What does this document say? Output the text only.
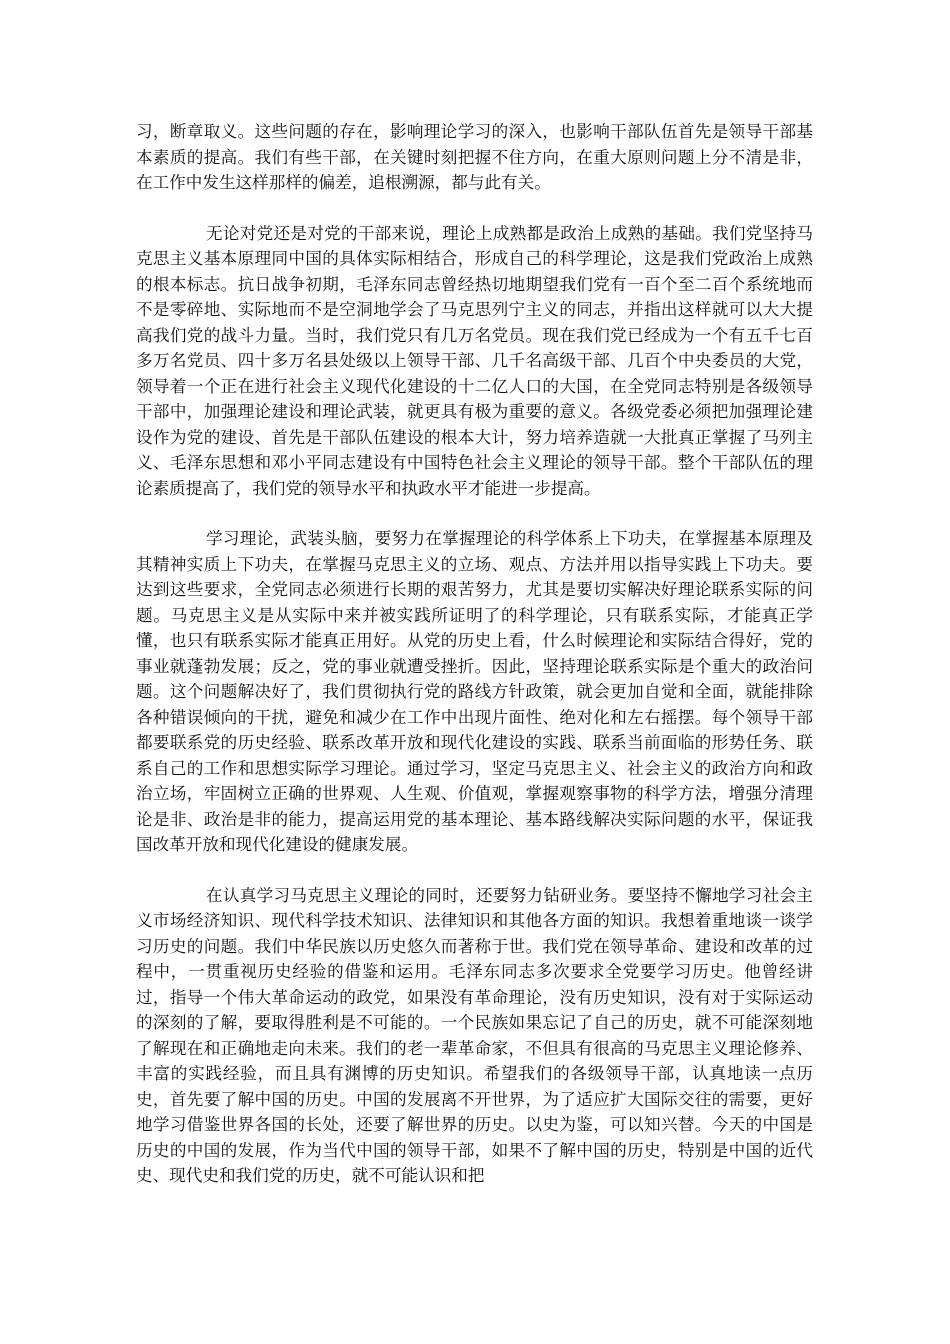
习，断章取义。这些问题的存在，影响理论学习的深入，也影响干部队伍首先是领导干部基本素质的提高。我们有些干部，在关键时刻把握不住方向，在重大原则问题上分不清是非，在工作中发生这样那样的偏差，追根溯源，都与此有关。

无论对党还是对党的干部来说，理论上成熟都是政治上成熟的基础。我们党坚持马克思主义基本原理同中国的具体实际相结合，形成自己的科学理论，这是我们党政治上成熟的根本标志。抗日战争初期，毛泽东同志曾经热切地期望我们党有一百个至二百个系统地而不是零碎地、实际地而不是空洞地学会了马克思列宁主义的同志，并指出这样就可以大大提高我们党的战斗力量。当时，我们党只有几万名党员。现在我们党已经成为一个有五千七百多万名党员、四十多万名县处级以上领导干部、几千名高级干部、几百个中央委员的大党，领导着一个正在进行社会主义现代化建设的十二亿人口的大国，在全党同志特别是各级领导干部中，加强理论建设和理论武装，就更具有极为重要的意义。各级党委必须把加强理论建设作为党的建设、首先是干部队伍建设的根本大计，努力培养造就一大批真正掌握了马列主义、毛泽东思想和邓小平同志建设有中国特色社会主义理论的领导干部。整个干部队伍的理论素质提高了，我们党的领导水平和执政水平才能进一步提高。

学习理论，武装头脑，要努力在掌握理论的科学体系上下功夫，在掌握基本原理及其精神实质上下功夫，在掌握马克思主义的立场、观点、方法并用以指导实践上下功夫。要达到这些要求，全党同志必须进行长期的艰苦努力，尤其是要切实解决好理论联系实际的问题。马克思主义是从实际中来并被实践所证明了的科学理论，只有联系实际，才能真正学懂，也只有联系实际才能真正用好。从党的历史上看，什么时候理论和实际结合得好，党的事业就蓬勃发展；反之，党的事业就遭受挫折。因此，坚持理论联系实际是个重大的政治问题。这个问题解决好了，我们贯彻执行党的路线方针政策，就会更加自觉和全面，就能排除各种错误倾向的干扰，避免和减少在工作中出现片面性、绝对化和左右摇摆。每个领导干部都要联系党的历史经验、联系改革开放和现代化建设的实践、联系当前面临的形势任务、联系自己的工作和思想实际学习理论。通过学习，坚定马克思主义、社会主义的政治方向和政治立场，牢固树立正确的世界观、人生观、价值观，掌握观察事物的科学方法，增强分清理论是非、政治是非的能力，提高运用党的基本理论、基本路线解决实际问题的水平，保证我国改革开放和现代化建设的健康发展。

在认真学习马克思主义理论的同时，还要努力钻研业务。要坚持不懈地学习社会主义市场经济知识、现代科学技术知识、法律知识和其他各方面的知识。我想着重地谈一谈学习历史的问题。我们中华民族以历史悠久而著称于世。我们党在领导革命、建设和改革的过程中，一贯重视历史经验的借鉴和运用。毛泽东同志多次要求全党要学习历史。他曾经讲过，指导一个伟大革命运动的政党，如果没有革命理论，没有历史知识，没有对于实际运动的深刻的了解，要取得胜利是不可能的。一个民族如果忘记了自己的历史，就不可能深刻地了解现在和正确地走向未来。我们的老一辈革命家，不但具有很高的马克思主义理论修养、丰富的实践经验，而且具有渊博的历史知识。希望我们的各级领导干部，认真地读一点历史，首先要了解中国的历史。中国的发展离不开世界，为了适应扩大国际交往的需要，更好地学习借鉴世界各国的长处，还要了解世界的历史。以史为鉴，可以知兴替。今天的中国是历史的中国的发展，作为当代中国的领导干部，如果不了解中国的历史，特别是中国的近代史、现代史和我们党的历史，就不可能认识和把
